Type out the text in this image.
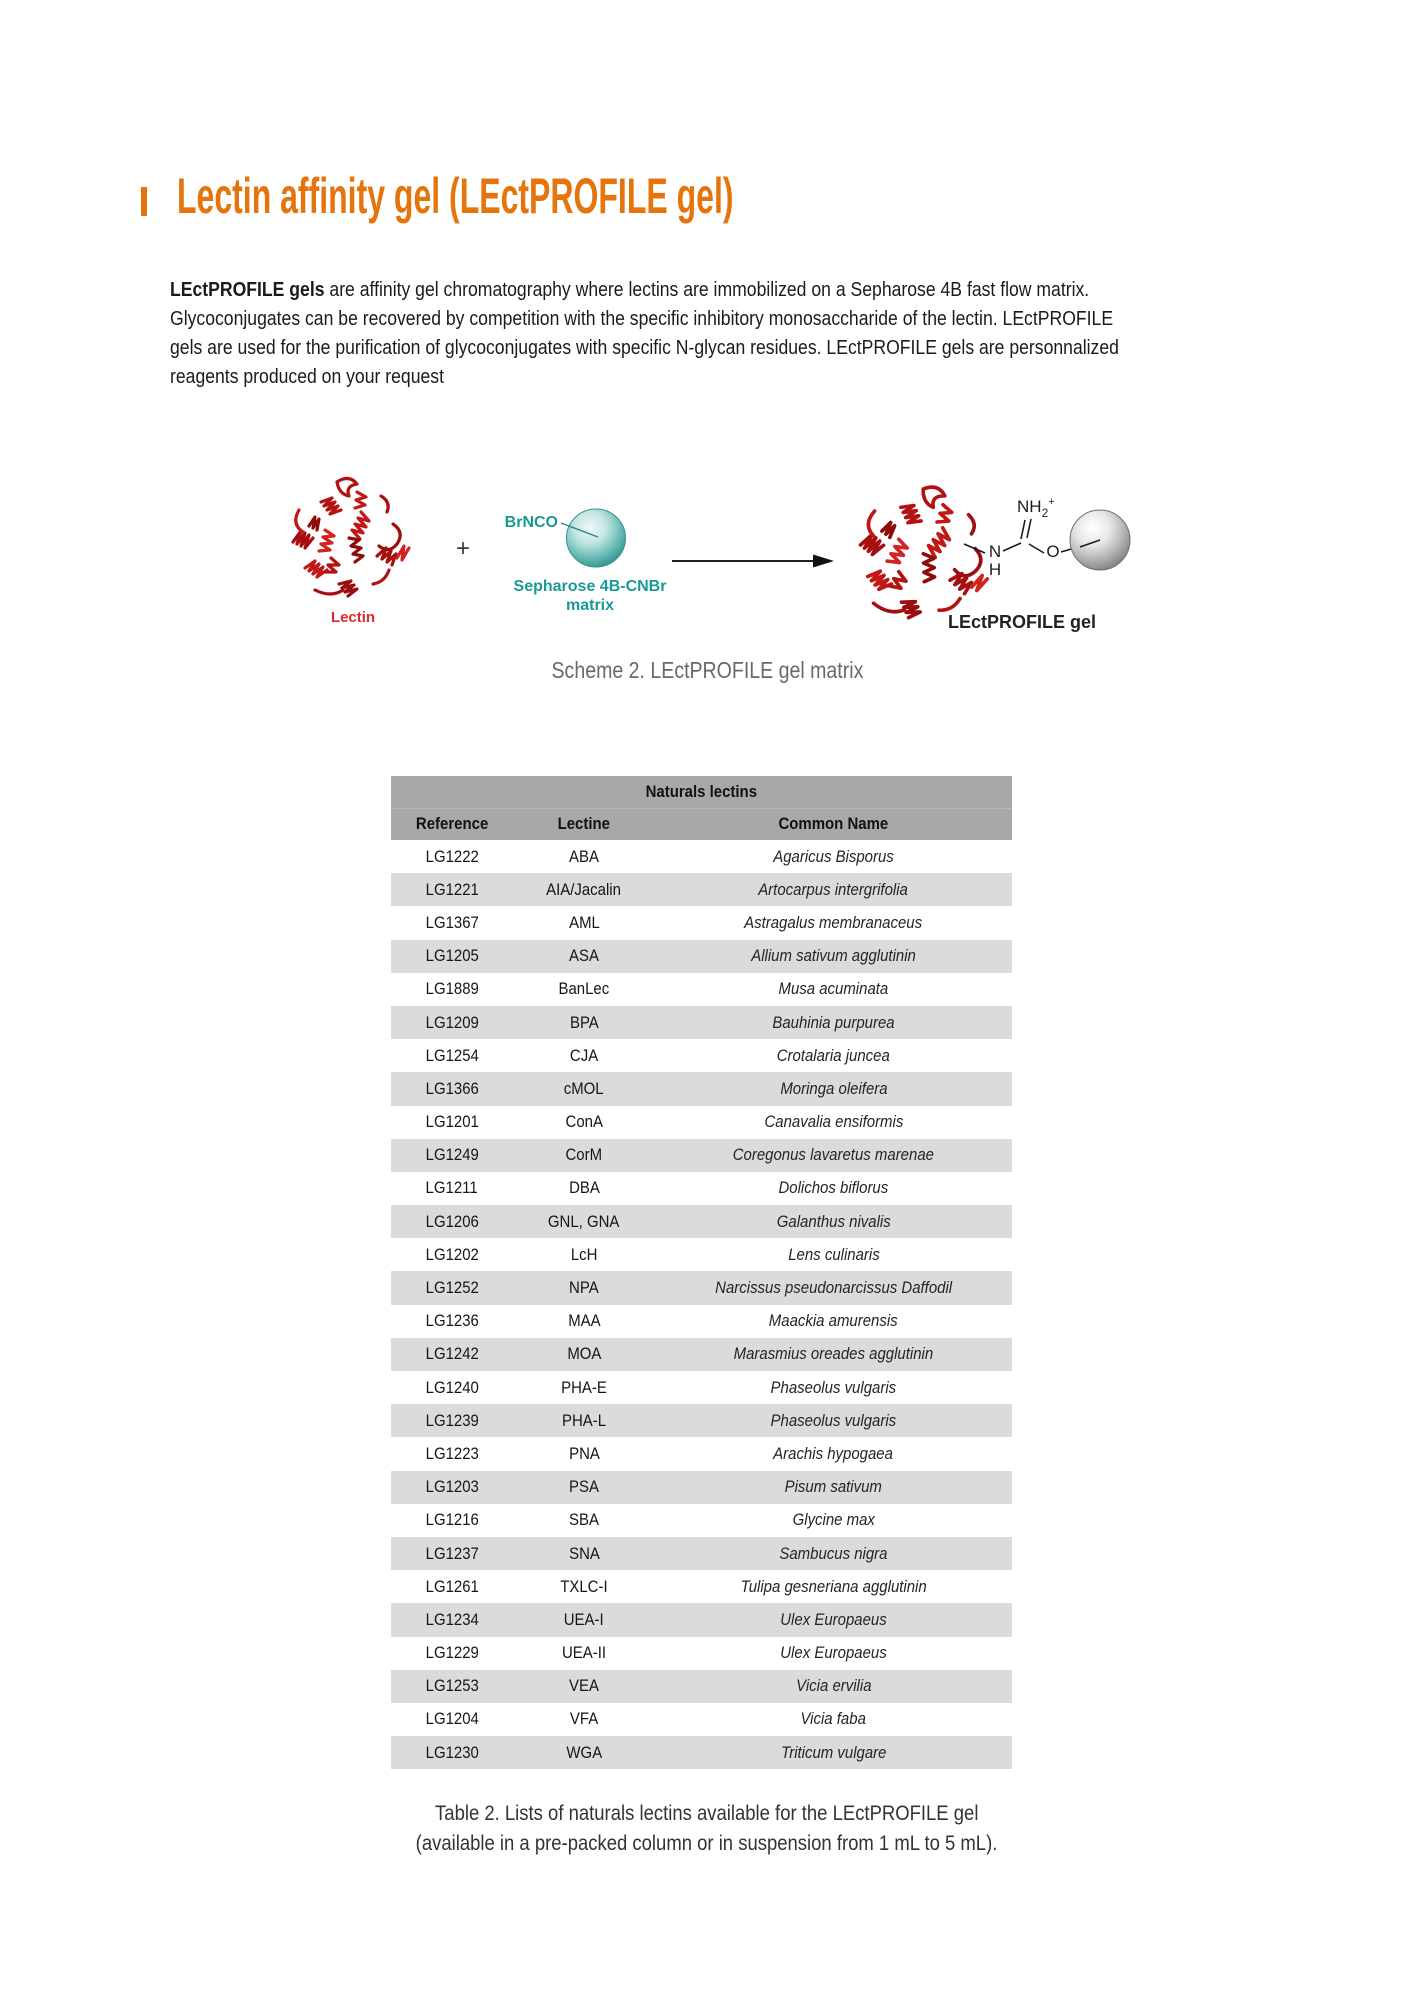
Lectin affinity gel (LEctPROFILE gel)
LEctPROFILE gels are affinity gel chromatography where lectins are immobilized on a Sepharose 4B fast flow matrix.
Glycoconjugates can be recovered by competition with the specific inhibitory monosaccharide of the lectin. LEctPROFILE
gels are used for the purification of glycoconjugates with specific N-glycan residues. LEctPROFILE gels are personnalized
reagents produced on your request
Lectin
+
BrNCO
Sepharose 4B-CNBr
matrix
$NH_2^+$
N
H
O
LEctPROFILE gel
Scheme 2. LEctPROFILE gel matrix
Naturals lectins		
Reference	Lectine	Common Name
LG1222	ABA	Agaricus Bisporus
LG1221	AIA/Jacalin	Artocarpus intergrifolia
LG1367	AML	Astragalus membranaceus
LG1205	ASA	Allium sativum agglutinin
LG1889	BanLec	Musa acuminata
LG1209	BPA	Bauhinia purpurea
LG1254	CJA	Crotalaria juncea
LG1366	cMOL	Moringa oleifera
LG1201	ConA	Canavalia ensiformis
LG1249	CorM	Coregonus lavaretus marenae
LG1211	DBA	Dolichos biflorus
LG1206	GNL, GNA	Galanthus nivalis
LG1202	LcH	Lens culinaris
LG1252	NPA	Narcissus pseudonarcissus Daffodil
LG1236	MAA	Maackia amurensis
LG1242	MOA	Marasmius oreades agglutinin
LG1240	PHA-E	Phaseolus vulgaris
LG1239	PHA-L	Phaseolus vulgaris
LG1223	PNA	Arachis hypogaea
LG1203	PSA	Pisum sativum
LG1216	SBA	Glycine max
LG1237	SNA	Sambucus nigra
LG1261	TXLC-I	Tulipa gesneriana agglutinin
LG1234	UEA-I	Ulex Europaeus
LG1229	UEA-II	Ulex Europaeus
LG1253	VEA	Vicia ervilia
LG1204	VFA	Vicia faba
LG1230	WGA	Triticum vulgare
Table 2. Lists of naturals lectins available for the LEctPROFILE gel
(available in a pre-packed column or in suspension from 1 mL to 5 mL).
